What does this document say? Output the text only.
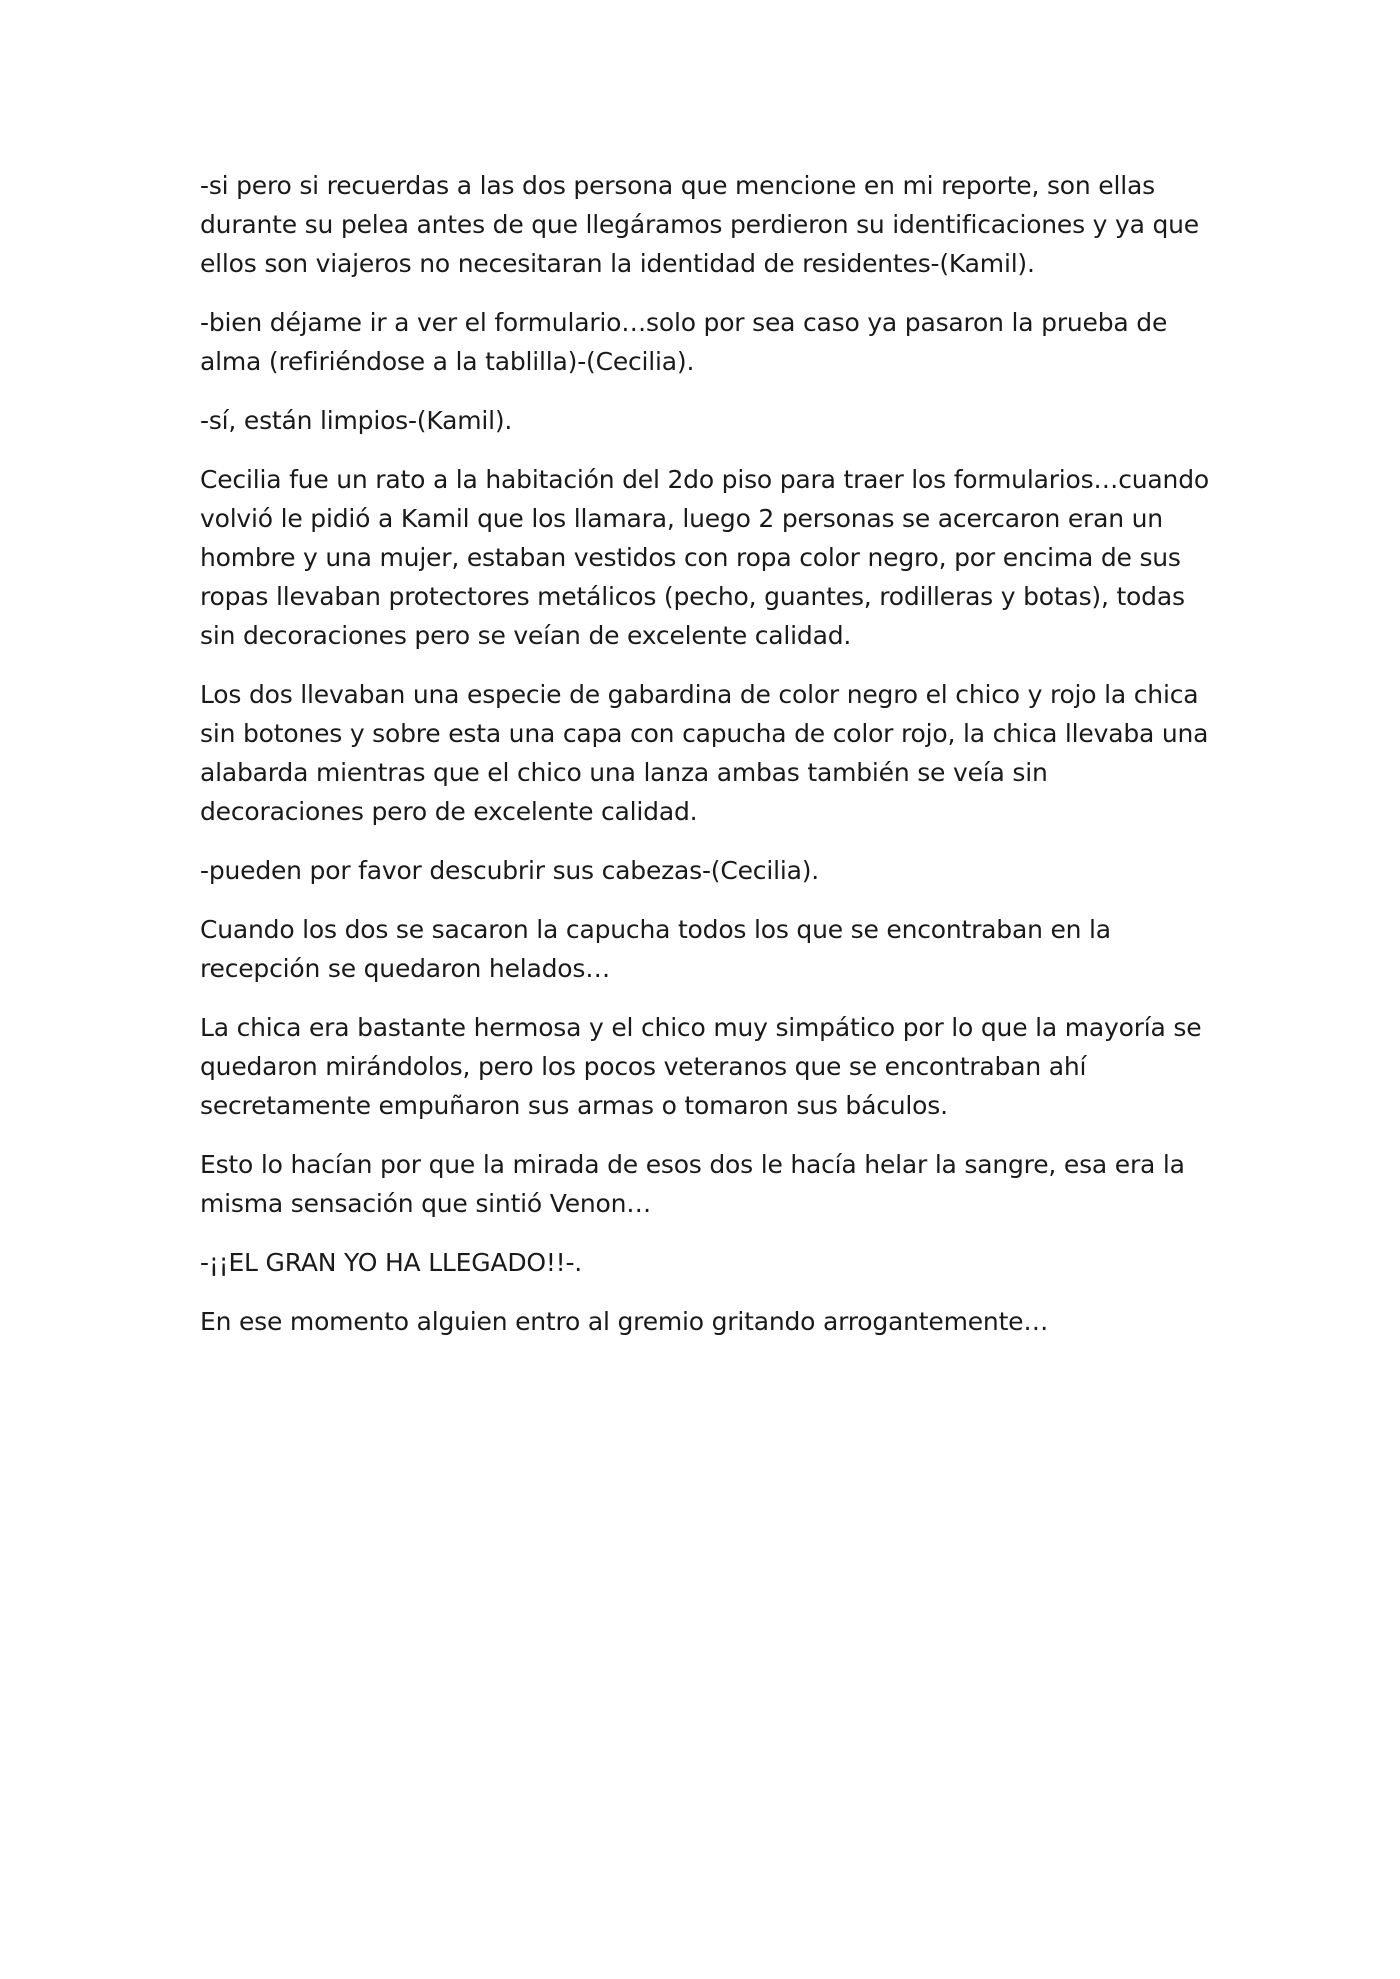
-si pero si recuerdas a las dos persona que mencione en mi reporte, son ellas durante su pelea antes de que llegáramos perdieron su identificaciones y ya que ellos son viajeros no necesitaran la identidad de residentes-(Kamil).

-bien déjame ir a ver el formulario…solo por sea caso ya pasaron la prueba de alma (refiriéndose a la tablilla)-(Cecilia).

-sí, están limpios-(Kamil).

Cecilia fue un rato a la habitación del 2do piso para traer los formularios…cuando volvió le pidió a Kamil que los llamara, luego 2 personas se acercaron eran un hombre y una mujer, estaban vestidos con ropa color negro, por encima de sus ropas llevaban protectores metálicos (pecho, guantes, rodilleras y botas), todas sin decoraciones pero se veían de excelente calidad.

Los dos llevaban una especie de gabardina de color negro el chico y rojo la chica sin botones y sobre esta una capa con capucha de color rojo, la chica llevaba una alabarda mientras que el chico una lanza ambas también se veía sin decoraciones pero de excelente calidad.

-pueden por favor descubrir sus cabezas-(Cecilia).

Cuando los dos se sacaron la capucha todos los que se encontraban en la recepción se quedaron helados…

La chica era bastante hermosa y el chico muy simpático por lo que la mayoría se quedaron mirándolos, pero los pocos veteranos que se encontraban ahí secretamente empuñaron sus armas o tomaron sus báculos.

Esto lo hacían por que la mirada de esos dos le hacía helar la sangre, esa era la misma sensación que sintió Venon…

-¡¡EL GRAN YO HA LLEGADO!!-.

En ese momento alguien entro al gremio gritando arrogantemente…
